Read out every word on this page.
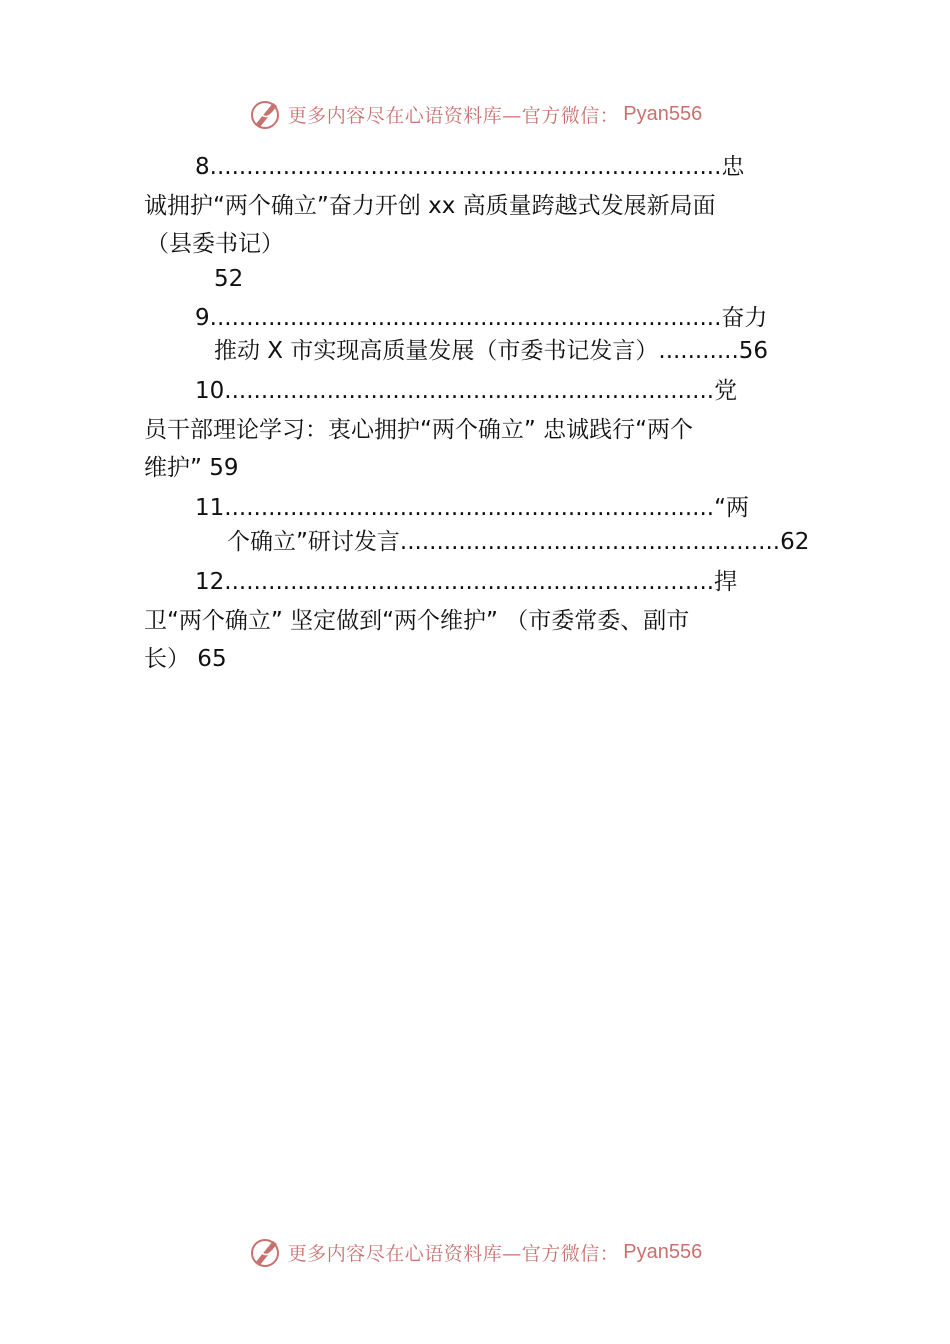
更多内容尽在心语资料库—官方微信： Pyan556
8......................................................................忠
诚拥护“两个确立”奋力开创 xx 高质量跨越式发展新局面
（县委书记）
52
9......................................................................奋力
推动 X 市实现高质量发展（市委书记发言）...........56
10...................................................................党
员干部理论学习：衷心拥护“两个确立” 忠诚践行“两个
维护” 59
11...................................................................“两
个确立”研讨发言....................................................62
12...................................................................捍
卫“两个确立” 坚定做到“两个维护” （市委常委、副市
长） 65
更多内容尽在心语资料库—官方微信： Pyan556
